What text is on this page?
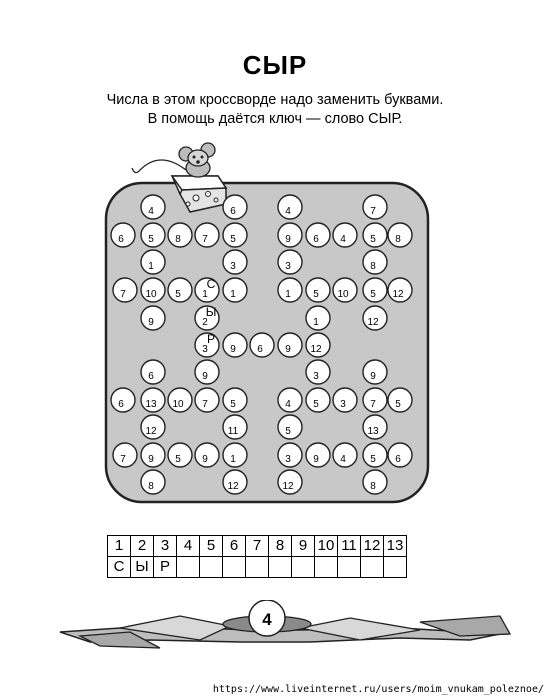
СЫР
Числа в этом кроссворде надо заменить буквами.
В помощь даётся ключ — слово СЫР.
4	6	4	7
6 5 8 7 5	9 6 4 5 8
1	3	3	8
7 10 5 1
С
1	1 5 10 5 12
9	2
Ы
1	12
3
Р
9 6 9 12
6	9	3	9
6 13 10 7 5	4 5 3 7 5
12	11	5	13
7 9 5 9 1	3 9 4 5 6
8	12	12	8
1	2	3	4	5	6	7	8	9	10	11	12	13
С	Ы	Р										
4
https://www.liveinternet.ru/users/moim_vnukam_poleznoe/
